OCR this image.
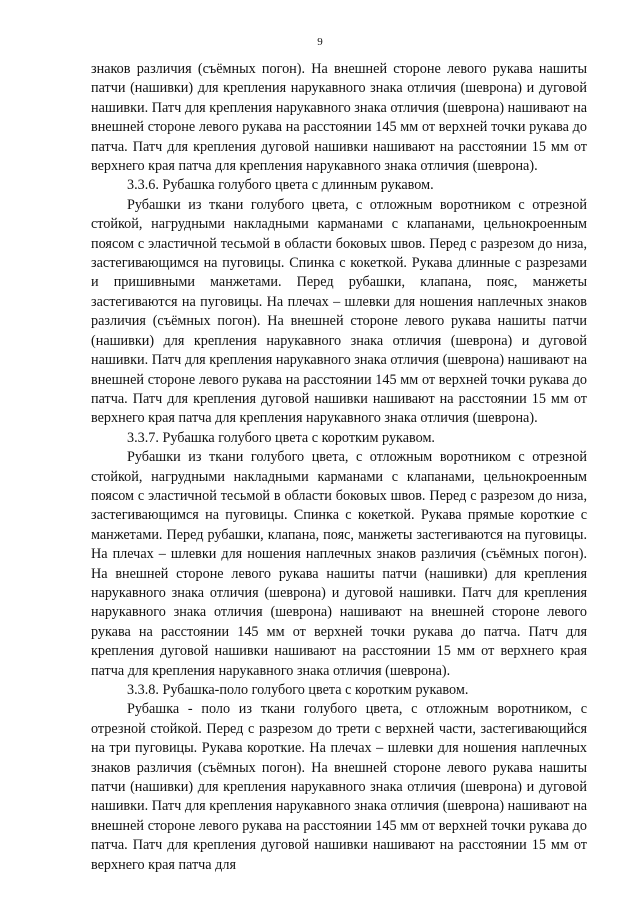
9

знаков различия (съёмных погон). На внешней стороне левого рукава нашиты патчи (нашивки) для крепления нарукавного знака отличия (шеврона) и дуговой нашивки. Патч для крепления нарукавного знака отличия (шеврона) нашивают на внешней стороне левого рукава на расстоянии 145 мм от верхней точки рукава до патча. Патч для крепления дуговой нашивки нашивают на расстоянии 15 мм от верхнего края патча для крепления нарукавного знака отличия (шеврона).

3.3.6. Рубашка голубого цвета с длинным рукавом.

Рубашки из ткани голубого цвета, с отложным воротником с отрезной стойкой, нагрудными накладными карманами с клапанами, цельнокроенным поясом с эластичной тесьмой в области боковых швов. Перед с разрезом до низа, застегивающимся на пуговицы. Спинка с кокеткой. Рукава длинные с разрезами и пришивными манжетами. Перед рубашки, клапана, пояс, манжеты застегиваются на пуговицы. На плечах – шлевки для ношения наплечных знаков различия (съёмных погон). На внешней стороне левого рукава нашиты патчи (нашивки) для крепления нарукавного знака отличия (шеврона) и дуговой нашивки. Патч для крепления нарукавного знака отличия (шеврона) нашивают на внешней стороне левого рукава на расстоянии 145 мм от верхней точки рукава до патча. Патч для крепления дуговой нашивки нашивают на расстоянии 15 мм от верхнего края патча для крепления нарукавного знака отличия (шеврона).

3.3.7. Рубашка голубого цвета с коротким рукавом.

Рубашки из ткани голубого цвета, с отложным воротником с отрезной стойкой, нагрудными накладными карманами с клапанами, цельнокроенным поясом с эластичной тесьмой в области боковых швов. Перед с разрезом до низа, застегивающимся на пуговицы. Спинка с кокеткой. Рукава прямые короткие с манжетами. Перед рубашки, клапана, пояс, манжеты застегиваются на пуговицы. На плечах – шлевки для ношения наплечных знаков различия (съёмных погон). На внешней стороне левого рукава нашиты патчи (нашивки) для крепления нарукавного знака отличия (шеврона) и дуговой нашивки. Патч для крепления нарукавного знака отличия (шеврона) нашивают на внешней стороне левого рукава на расстоянии 145 мм от верхней точки рукава до патча. Патч для крепления дуговой нашивки нашивают на расстоянии 15 мм от верхнего края патча для крепления нарукавного знака отличия (шеврона).

3.3.8. Рубашка-поло голубого цвета с коротким рукавом.

Рубашка - поло из ткани голубого цвета, с отложным воротником, с отрезной стойкой. Перед с разрезом до трети с верхней части, застегивающийся на три пуговицы. Рукава короткие. На плечах – шлевки для ношения наплечных знаков различия (съёмных погон). На внешней стороне левого рукава нашиты патчи (нашивки) для крепления нарукавного знака отличия (шеврона) и дуговой нашивки. Патч для крепления нарукавного знака отличия (шеврона) нашивают на внешней стороне левого рукава на расстоянии 145 мм от верхней точки рукава до патча. Патч для крепления дуговой нашивки нашивают на расстоянии 15 мм от верхнего края патча для
